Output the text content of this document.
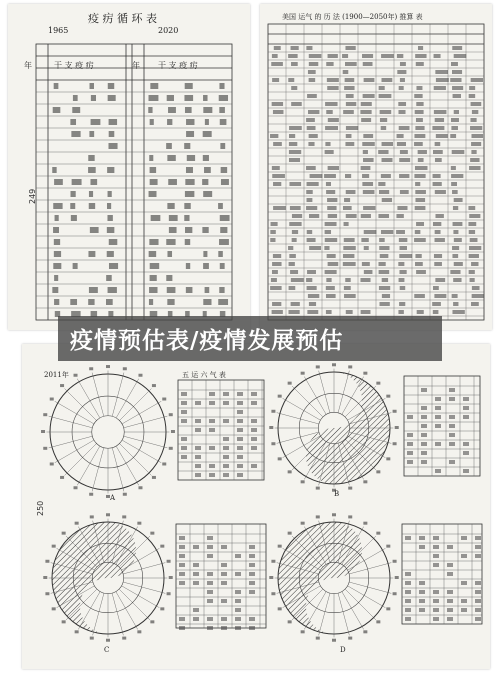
疫 疠 循 环 表
1965	2020
年	干 支 疫 疠	年 干 支 疫 疠
249
美国 运气 的 历 法 (1900—2050年) 推算 表
250
A	B
C	D
2011年	五 运 六 气 表
疫情预估表/疫情发展预估
